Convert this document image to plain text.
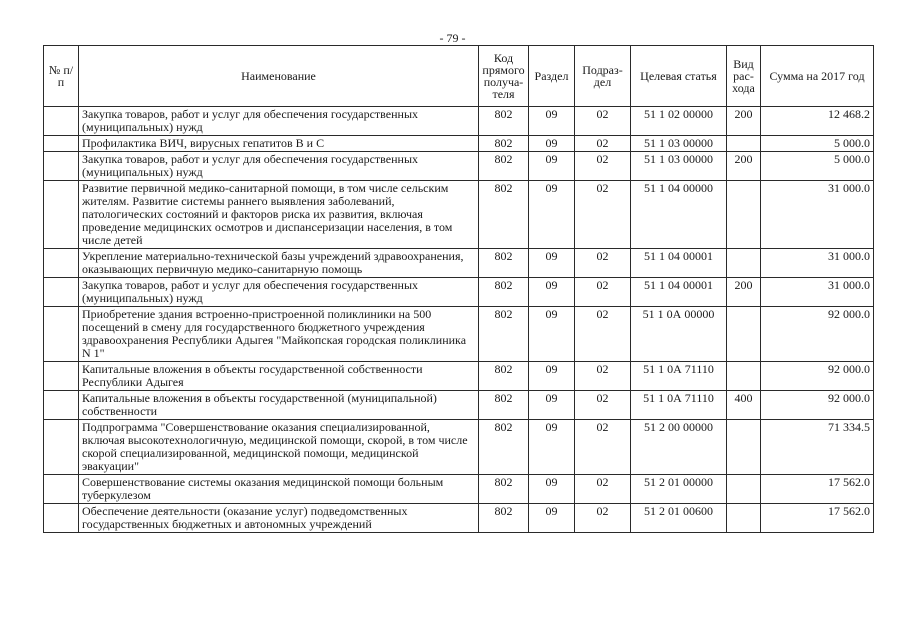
- 79 -
№ п/п	Наименование	Код прямого получа-теля	Раздел	Подраз-дел	Целевая статья	Вид рас-хода	Сумма на 2017 год
	Закупка товаров, работ и услуг для обеспечения государственных (муниципальных) нужд	802	09	02	51 1 02 00000	200	12 468.2
	Профилактика ВИЧ, вирусных гепатитов В и С	802	09	02	51 1 03 00000		5 000.0
	Закупка товаров, работ и услуг для обеспечения государственных (муниципальных) нужд	802	09	02	51 1 03 00000	200	5 000.0
	Развитие первичной медико-санитарной помощи, в том числе сельским жителям. Развитие системы раннего выявления заболеваний, патологических состояний и факторов риска их развития, включая проведение медицинских осмотров и диспансеризации населения, в том числе детей	802	09	02	51 1 04 00000		31 000.0
	Укрепление материально-технической базы учреждений здравоохранения, оказывающих первичную медико-санитарную помощь	802	09	02	51 1 04 00001		31 000.0
	Закупка товаров, работ и услуг для обеспечения государственных (муниципальных) нужд	802	09	02	51 1 04 00001	200	31 000.0
	Приобретение здания встроенно-пристроенной поликлиники на 500 посещений в смену для государственного бюджетного учреждения здравоохранения Республики Адыгея "Майкопская городская поликлиника N 1"	802	09	02	51 1 0А 00000		92 000.0
	Капитальные вложения в объекты государственной собственности Республики Адыгея	802	09	02	51 1 0А 71110		92 000.0
	Капитальные вложения в объекты государственной (муниципальной) собственности	802	09	02	51 1 0А 71110	400	92 000.0
	Подпрограмма "Совершенствование оказания специализированной, включая высокотехнологичную, медицинской помощи, скорой, в том числе скорой специализированной, медицинской помощи, медицинской эвакуации"	802	09	02	51 2 00 00000		71 334.5
	Совершенствование системы оказания медицинской помощи больным туберкулезом	802	09	02	51 2 01 00000		17 562.0
	Обеспечение деятельности (оказание услуг) подведомственных государственных бюджетных и автономных учреждений	802	09	02	51 2 01 00600		17 562.0
